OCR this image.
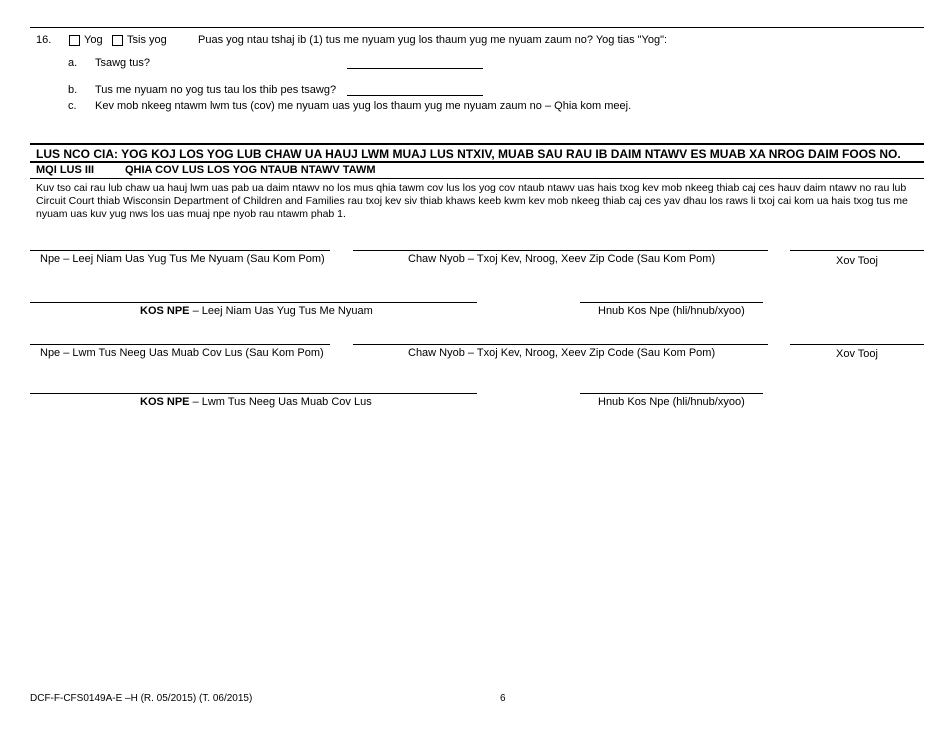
16.	Yog Tsis yog	Puas yog ntau tshaj ib (1) tus me nyuam yug los thaum yug me nyuam zaum no? Yog tias "Yog":
a. Tsawg tus?
b. Tus me nyuam no yog tus tau los thib pes tsawg?
c. Kev mob nkeeg ntawm lwm tus (cov) me nyuam uas yug los thaum yug me nyuam zaum no – Qhia kom meej.
LUS NCO CIA: YOG KOJ LOS YOG LUB CHAW UA HAUJ LWM MUAJ LUS NTXIV, MUAB SAU RAU IB DAIM NTAWV ES MUAB XA NROG DAIM FOOS NO.
MQI LUS III	QHIA COV LUS LOS YOG NTAUB NTAWV TAWM
Kuv tso cai rau lub chaw ua hauj lwm uas pab ua daim ntawv no los mus qhia tawm cov lus los yog cov ntaub ntawv uas hais txog kev mob nkeeg thiab caj ces hauv daim ntawv no rau lub Circuit Court thiab Wisconsin Department of Children and Families rau txoj kev siv thiab khaws keeb kwm kev mob nkeeg thiab caj ces yav dhau los raws li txoj cai kom ua hais txog tus me nyuam uas kuv yug nws los uas muaj npe nyob rau ntawm phab 1.
Npe – Leej Niam Uas Yug Tus Me Nyuam (Sau Kom Pom)	Chaw Nyob – Txoj Kev, Nroog, Xeev Zip Code (Sau Kom Pom)	Xov Tooj
KOS NPE – Leej Niam Uas Yug Tus Me Nyuam	Hnub Kos Npe (hli/hnub/xyoo)
Npe – Lwm Tus Neeg Uas Muab Cov Lus (Sau Kom Pom)	Chaw Nyob – Txoj Kev, Nroog, Xeev Zip Code (Sau Kom Pom)	Xov Tooj
KOS NPE – Lwm Tus Neeg Uas Muab Cov Lus	Hnub Kos Npe (hli/hnub/xyoo)
DCF-F-CFS0149A-E –H (R. 05/2015) (T. 06/2015)	6
